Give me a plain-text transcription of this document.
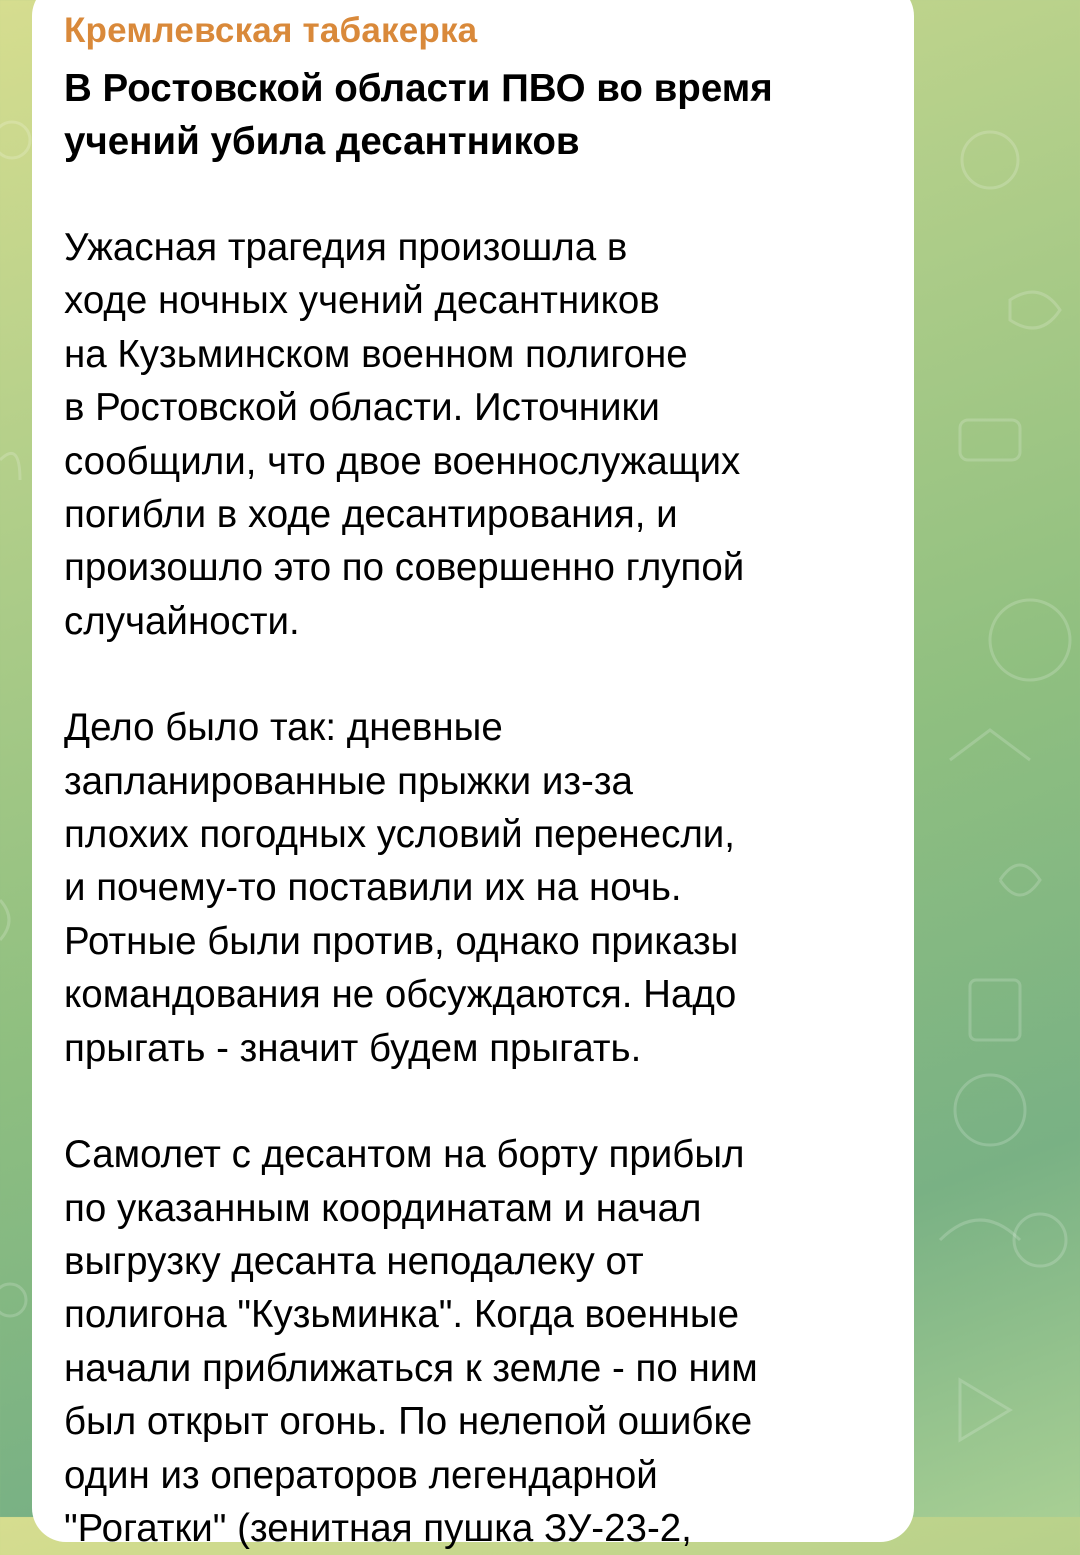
Кремлевская табакерка
В Ростовской области ПВО во время
учений убила десантников

Ужасная трагедия произошла в
ходе ночных учений десантников
на Кузьминском военном полигоне
в Ростовской области. Источники
сообщили, что двое военнослужащих
погибли в ходе десантирования, и
произошло это по совершенно глупой
случайности.

Дело было так: дневные
запланированные прыжки из-за
плохих погодных условий перенесли,
и почему-то поставили их на ночь.
Ротные были против, однако приказы
командования не обсуждаются. Надо
прыгать - значит будем прыгать.

Самолет с десантом на борту прибыл
по указанным координатам и начал
выгрузку десанта неподалеку от
полигона "Кузьминка". Когда военные
начали приближаться к земле - по ним
был открыт огонь. По нелепой ошибке
один из операторов легендарной
"Рогатки" (зенитная пушка ЗУ-23-2,
